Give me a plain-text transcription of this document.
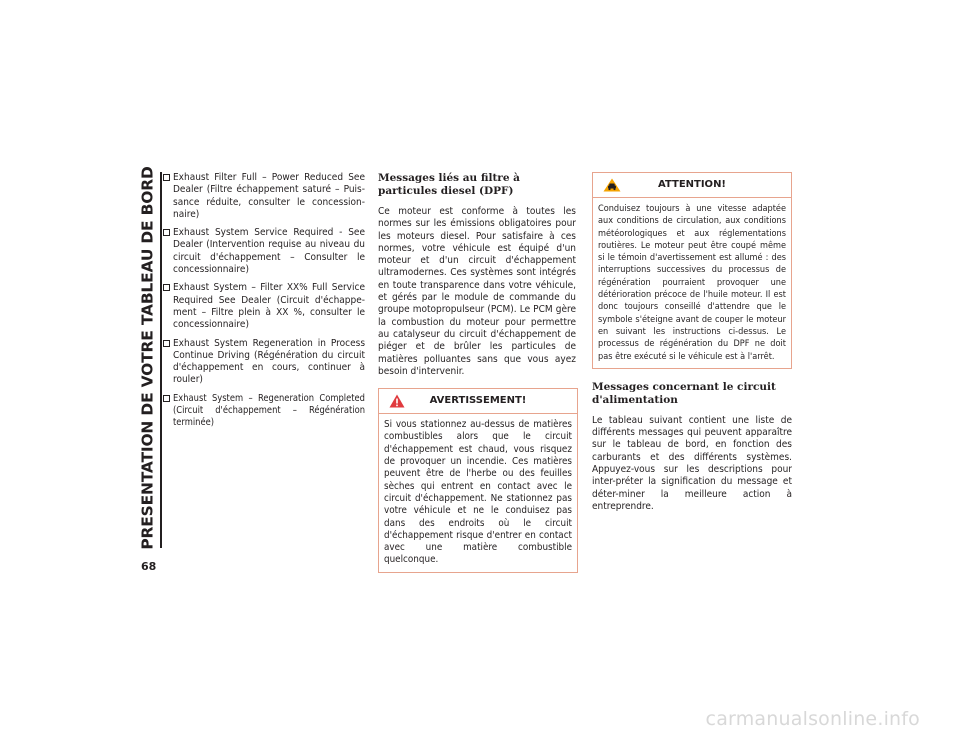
PRESENTATION DE VOTRE TABLEAU DE BORD
68
Exhaust Filter Full – Power Reduced See Dealer (Filtre échappement saturé – Puis-sance réduite, consulter le concession-naire)
Exhaust System Service Required - See Dealer (Intervention requise au niveau du circuit d'échappement – Consulter le concessionnaire)
Exhaust System – Filter XX% Full Service Required See Dealer (Circuit d'échappe-ment – Filtre plein à XX %, consulter le concessionnaire)
Exhaust System Regeneration in Process Continue Driving (Régénération du circuit d'échappement en cours, continuer à rouler)
Exhaust System – Regeneration Completed (Circuit d'échappement – Régénération terminée)
Messages liés au filtre à particules diesel (DPF)
Ce moteur est conforme à toutes les normes sur les émissions obligatoires pour les moteurs diesel. Pour satisfaire à ces normes, votre véhicule est équipé d'un moteur et d'un circuit d'échappement ultramodernes. Ces systèmes sont intégrés en toute transparence dans votre véhicule, et gérés par le module de commande du groupe motopropulseur (PCM). Le PCM gère la combustion du moteur pour permettre au catalyseur du circuit d'échappement de piéger et de brûler les particules de matières polluantes sans que vous ayez besoin d'intervenir.
AVERTISSEMENT!
Si vous stationnez au-dessus de matières combustibles alors que le circuit d'échappement est chaud, vous risquez de provoquer un incendie. Ces matières peuvent être de l'herbe ou des feuilles sèches qui entrent en contact avec le circuit d'échappement. Ne stationnez pas votre véhicule et ne le conduisez pas dans des endroits où le circuit d'échappement risque d'entrer en contact avec une matière combustible quelconque.
ATTENTION!
Conduisez toujours à une vitesse adaptée aux conditions de circulation, aux conditions météorologiques et aux réglementations routières. Le moteur peut être coupé même si le témoin d'avertissement est allumé : des interruptions successives du processus de régénération pourraient provoquer une détérioration précoce de l'huile moteur. Il est donc toujours conseillé d'attendre que le symbole s'éteigne avant de couper le moteur en suivant les instructions ci-dessus. Le processus de régénération du DPF ne doit pas être exécuté si le véhicule est à l'arrêt.
Messages concernant le circuit d'alimentation
Le tableau suivant contient une liste de différents messages qui peuvent apparaître sur le tableau de bord, en fonction des carburants et des différents systèmes. Appuyez-vous sur les descriptions pour inter-préter la signification du message et déter-miner la meilleure action à entreprendre.
carmanualsonline.info
